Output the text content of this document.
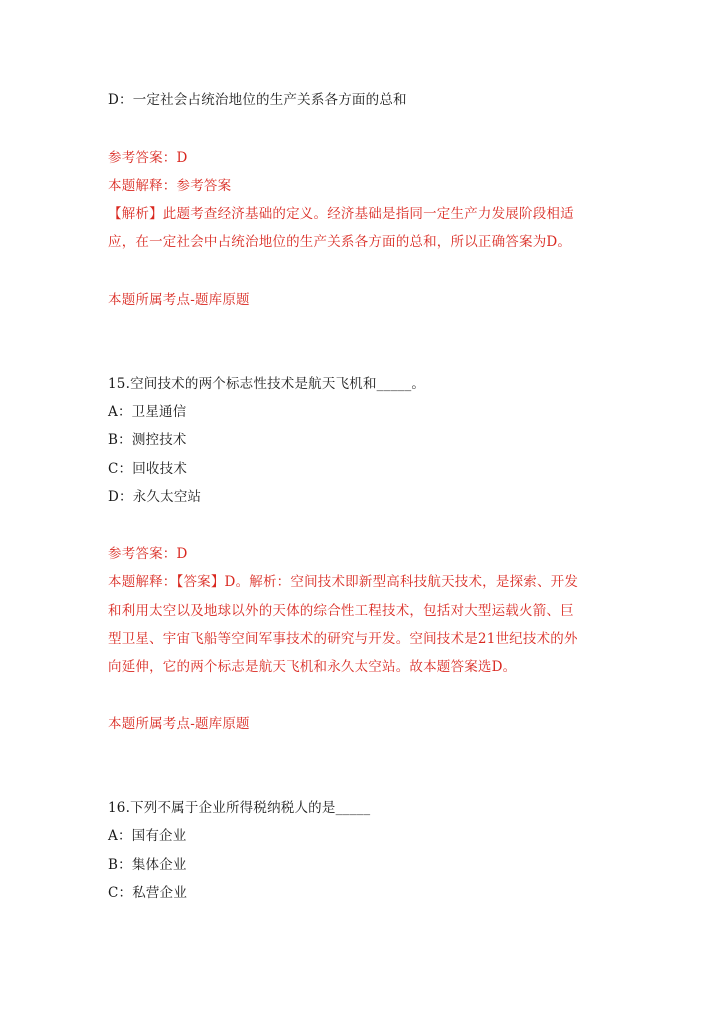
D：一定社会占统治地位的生产关系各方面的总和
参考答案：D
本题解释：参考答案
【解析】此题考查经济基础的定义。经济基础是指同一定生产力发展阶段相适
应，在一定社会中占统治地位的生产关系各方面的总和，所以正确答案为D。
本题所属考点-题库原题
15.空间技术的两个标志性技术是航天飞机和_____。
A：卫星通信
B：测控技术
C：回收技术
D：永久太空站
参考答案：D
本题解释：【答案】D。解析：空间技术即新型高科技航天技术，是探索、开发
和利用太空以及地球以外的天体的综合性工程技术，包括对大型运载火箭、巨
型卫星、宇宙飞船等空间军事技术的研究与开发。空间技术是21世纪技术的外
向延伸，它的两个标志是航天飞机和永久太空站。故本题答案选D。
本题所属考点-题库原题
16.下列不属于企业所得税纳税人的是_____
A：国有企业
B：集体企业
C：私营企业
